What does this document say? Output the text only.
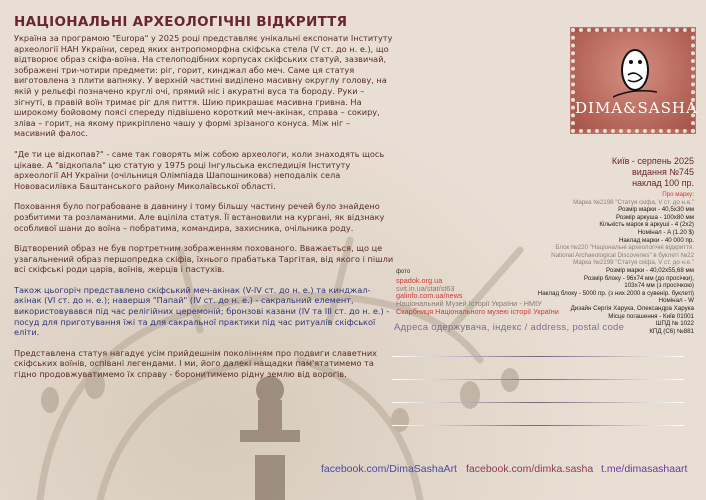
НАЦІОНАЛЬНІ АРХЕОЛОГІЧНІ ВІДКРИТТЯ

Україна за програмою "Europa" у 2025 році представляє унікальні експонати Інституту археології НАН України, серед яких антропоморфна скіфська стела (V ст. до н. е.), що відтворює образ скіфа-воїна. На стелоподібних корпусах скіфських статуй, зазвичай, зображені три-чотири предмети: ріг, горит, кинджал або меч. Саме ця статуя виготовлена з плити вапняку. У верхній частині виділено масивну округлу голову, на якій у рельєфі позначено круглі очі, прямий ніс і акуратні вуса та бороду. Руки – зігнуті, в правій воїн тримає ріг для пиття. Шию прикрашає масивна гривна. На широкому бойовому поясі спереду підвішено короткий меч-акінак, справа – сокиру, зліва – горит, на якому прикріплено чашу у формі зрізаного конуса. Між ніг – масивний фалос.

"Де ти це відкопав?" - саме так говорять між собою археологи, коли знаходять щось цікаве. А "відкопала" цю статую у 1975 році Інгульська експедиція Інституту археології АН України (очільниця Олімпіада Шапошникова) неподалік села Нововасилівка Баштанського району Миколаївської області.

Поховання було пограбоване в давнину і тому більшу частину речей було знайдено розбитими та розламаними. Але вціліла статуя. Її встановили на кургані, як відзнаку особливої шани до воїна – побратима, командира, захисника, очільника роду.

Відтворений образ не був портретним зображенням похованого. Вважається, що це узагальнений образ першопредка скіфів, їхнього прабатька Таргітая, від якого і пішли всі скіфські роди царів, воїнів, жерців і пастухів.

Також цьогоріч представлено скіфський меч-акінак (V-IV ст. до н. е.) та кинджал-акінак (VI ст. до н. е.); навершя "Папай" (IV ст. до н. е.) - сакральний елемент, використовувався під час релігійних церемоній; бронзові казани (IV та III ст. до н. е.) - посуд для приготування їжі та для сакральної практики під час ритуалів скіфської еліти.

Представлена статуя нагадує усім прийдешнім поколінням про подвиги славетних скіфських воїнів, оспівані легендами. І ми, його далекі нащадки пам'ятатимемо та гідно продовжуватимемо їх справу - боронитимемо рідну землю від ворогів.

DIMA&SASHA
Київ - серпень 2025
видання №745
наклад 100 пр.
Про марку:
Марка №2198 "Статуя скіфа, V ст. до н.е."
Розмір марки - 40,5х30 мм
Розмір аркуша - 100х80 мм
Кількість марок в аркуші - 4 (2х2)
Номінал - A (1.20 $)
Наклад марки - 40 000 пр.
Блок №220 "Національні археологічні відкриття.
National Archaeological Discoveries" в буклеті №22
Марка №2199 "Статуя скіфа, V ст. до н.е."
Розмір марки - 40,02х55,68 мм
Розмір блоку - 96х74 мм (до просічки),
103х74 мм (з просічкою)
Наклад блоку - 5000 пр. (з них 2000 в сувенір. буклеті)
Номінал - W
Дизайн Сергія Харука, Олександра Харука
Місце погашення - Київ 01001
ШПД № 1022
КПД (С6) №881
фото
spadok.org.ua
svit.in.ua/stat/st63
galinfo.com.ua/news
Національний Музей Історії України - НМІУ
Скарбниця Національного музею історії України
Адреса одержувача, індекс / address, postal code
facebook.com/DimaSashaArt facebook.com/dimka.sasha t.me/dimasashaart
